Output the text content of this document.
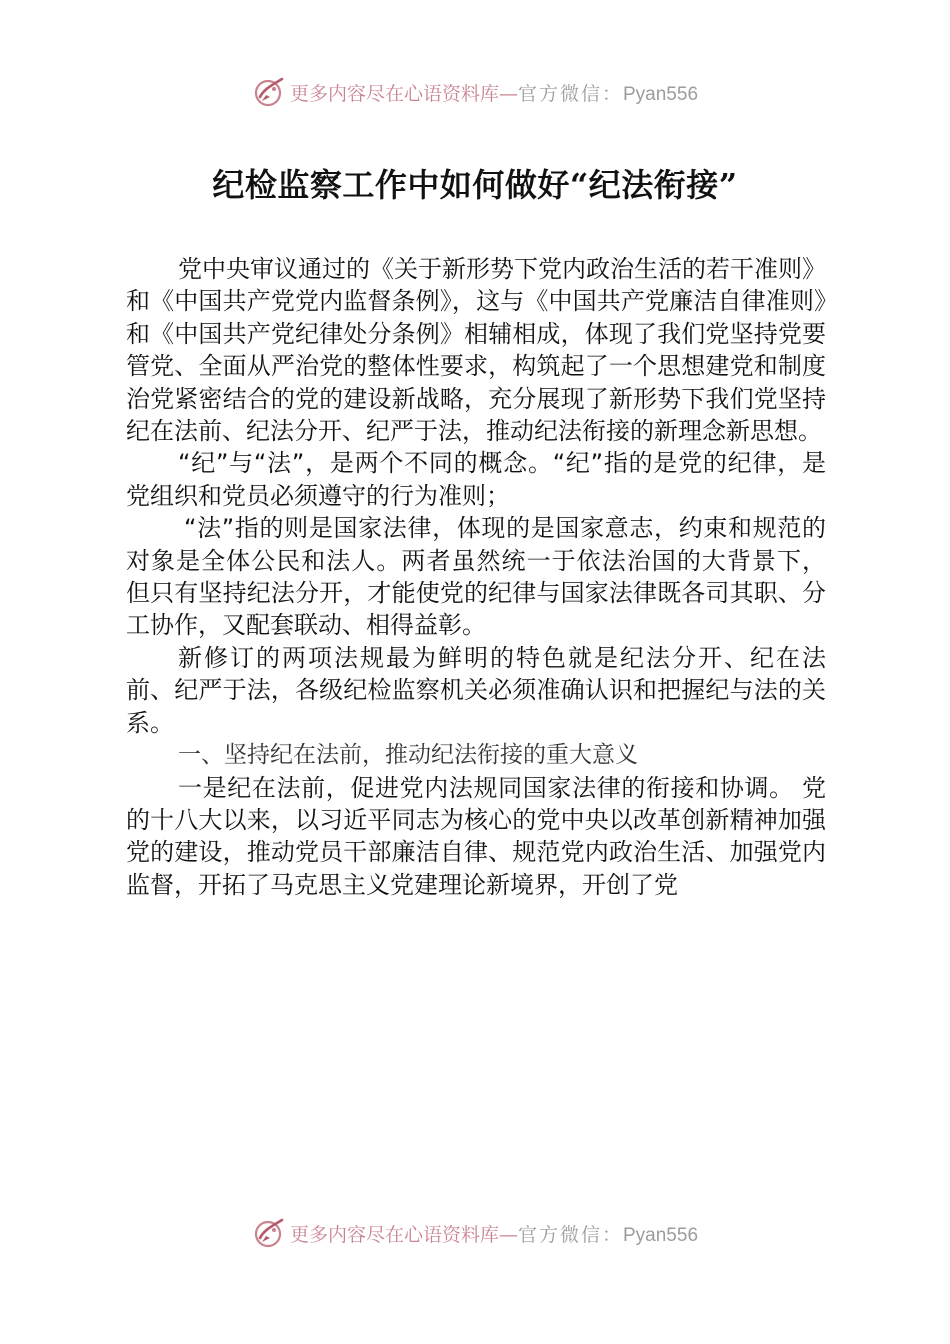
更多内容尽在心语资料库—官方微信：Pyan556
纪检监察工作中如何做好“纪法衔接”

党中央审议通过的《关于新形势下党内政治生活的若干准则》和《中国共产党党内监督条例》，这与《中国共产党廉洁自律准则》和《中国共产党纪律处分条例》相辅相成，体现了我们党坚持党要管党、全面从严治党的整体性要求，构筑起了一个思想建党和制度治党紧密结合的党的建设新战略，充分展现了新形势下我们党坚持纪在法前、纪法分开、纪严于法，推动纪法衔接的新理念新思想。

“纪”与“法”，是两个不同的概念。“纪”指的是党的纪律，是党组织和党员必须遵守的行为准则；

“法”指的则是国家法律，体现的是国家意志，约束和规范的对象是全体公民和法人。两者虽然统一于依法治国的大背景下， 但只有坚持纪法分开，才能使党的纪律与国家法律既各司其职、分工协作，又配套联动、相得益彰。

新修订的两项法规最为鲜明的特色就是纪法分开、纪在法 前、纪严于法，各级纪检监察机关必须准确认识和把握纪与法的关系。

一、坚持纪在法前，推动纪法衔接的重大意义

一是纪在法前，促进党内法规同国家法律的衔接和协调。 党的十八大以来，以习近平同志为核心的党中央以改革创新精神加强党的建设，推动党员干部廉洁自律、规范党内政治生活、加强党内监督，开拓了马克思主义党建理论新境界，开创了党

更多内容尽在心语资料库—官方微信：Pyan556
